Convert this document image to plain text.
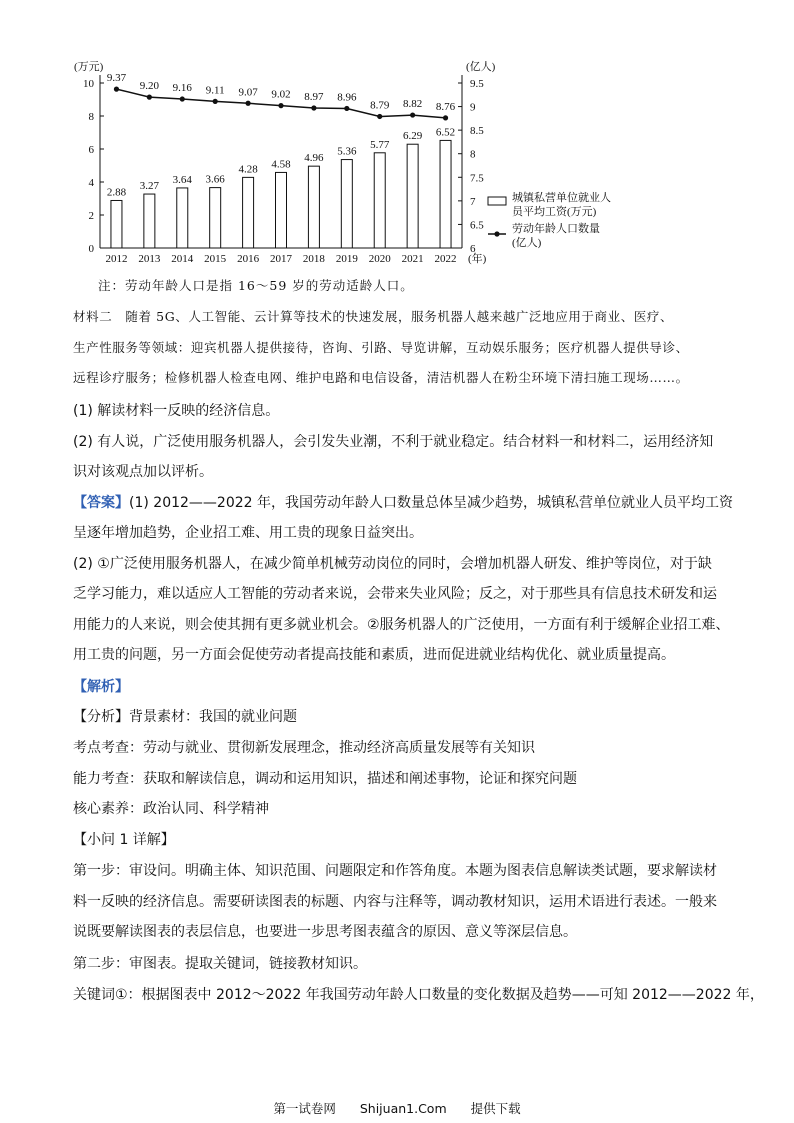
0
2
4
6
8
10
6
6.5
7
7.5
8
8.5
9
9.5
(万元)	(亿人)
2.88
2012
3.27
2013
3.64
2014
3.66
2015
4.28
2016
4.58
2017
4.96
2018
5.36
2019
5.77
2020
6.29
2021
6.52
2022 (年)
9.37
9.20 9.16 9.11 9.07 9.02 8.97 8.96
8.79 8.82 8.76
城镇私营单位就业人
员平均工资(万元)
劳动年龄人口数量
(亿人)
注：劳动年龄人口是指 16～59 岁的劳动适龄人口。
材料二　随着 5G、人工智能、云计算等技术的快速发展，服务机器人越来越广泛地应用于商业、医疗、
生产性服务等领域：迎宾机器人提供接待，咨询、引路、导览讲解，互动娱乐服务；医疗机器人提供导诊、
远程诊疗服务；检修机器人检查电网、维护电路和电信设备，清洁机器人在粉尘环境下清扫施工现场……。
(1) 解读材料一反映的经济信息。
(2) 有人说，广泛使用服务机器人，会引发失业潮，不利于就业稳定。结合材料一和材料二，运用经济知
识对该观点加以评析。
【答案】(1) 2012——2022 年，我国劳动年龄人口数量总体呈减少趋势，城镇私营单位就业人员平均工资
呈逐年增加趋势，企业招工难、用工贵的现象日益突出。
(2) ①广泛使用服务机器人，在减少简单机械劳动岗位的同时，会增加机器人研发、维护等岗位，对于缺
乏学习能力，难以适应人工智能的劳动者来说，会带来失业风险；反之，对于那些具有信息技术研发和运
用能力的人来说，则会使其拥有更多就业机会。②服务机器人的广泛使用，一方面有利于缓解企业招工难、
用工贵的问题，另一方面会促使劳动者提高技能和素质，进而促进就业结构优化、就业质量提高。
【解析】
【分析】背景素材：我国的就业问题
考点考查：劳动与就业、贯彻新发展理念，推动经济高质量发展等有关知识
能力考查：获取和解读信息，调动和运用知识，描述和阐述事物，论证和探究问题
核心素养：政治认同、科学精神
【小问 1 详解】
第一步：审设问。明确主体、知识范围、问题限定和作答角度。本题为图表信息解读类试题，要求解读材
料一反映的经济信息。需要研读图表的标题、内容与注释等，调动教材知识，运用术语进行表述。一般来
说既要解读图表的表层信息，也要进一步思考图表蕴含的原因、意义等深层信息。
第二步：审图表。提取关键词，链接教材知识。
关键词①：根据图表中 2012～2022 年我国劳动年龄人口数量的变化数据及趋势——可知 2012——2022 年，
第一试卷网 Shijuan1.Com 提供下载
